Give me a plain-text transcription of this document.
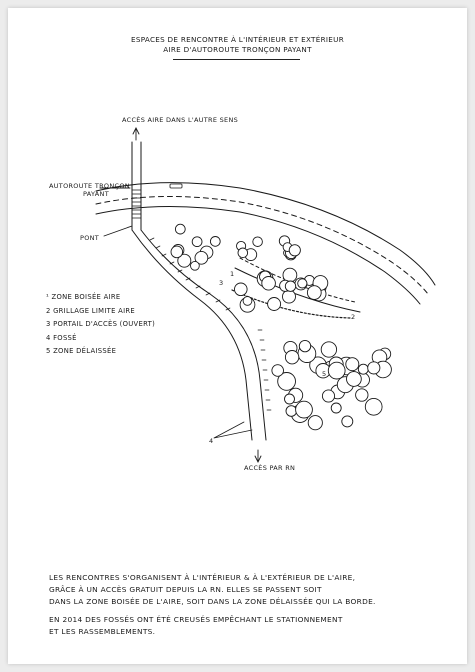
ESPACES DE RENCONTRE À L'INTÉRIEUR ET EXTÉRIEUR
AIRE D'AUTOROUTE TRONÇON PAYANT
ACCÈS AIRE DANS L'AUTRE SENS
AUTOROUTE TRONÇON
PAYANT
PONT
ACCÈS PAR RN
3
2
5
4
1
¹ ZONE BOISÉE AIRE
2 GRILLAGE LIMITE AIRE
3 PORTAIL D'ACCÈS (OUVERT)
4 FOSSÉ
5 ZONE DÉLAISSÉE
LES RENCONTRES S'ORGANISENT À L'INTÉRIEUR & À L'EXTÉRIEUR DE L'AIRE,
GRÂCE À UN ACCÈS GRATUIT DEPUIS LA RN. ELLES SE PASSENT SOIT
DANS LA ZONE BOISÉE DE L'AIRE, SOIT DANS LA ZONE DÉLAISSÉE QUI LA BORDE.
EN 2014 DES FOSSÉS ONT ÉTÉ CREUSÉS EMPÊCHANT LE STATIONNEMENT
ET LES RASSEMBLEMENTS.
